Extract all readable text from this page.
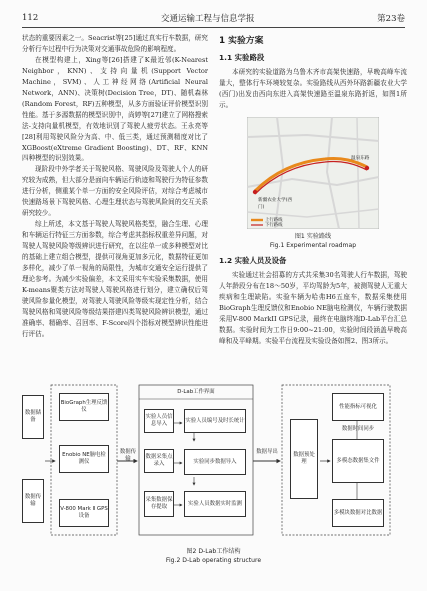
112	交通运输工程与信息学报	第23卷

状态的重要因素之一。Seacrist等[25]通过真实行车数据，研究分析行车过程中行为决策对交通事故危险的影响程度。

在模型构建上，Xing等[26]搭建了K最近邻(K-Nearest Neighbor，KNN)、支持向量机(Support Vector Machine，SVM)、人工神经网络(Artificial Neural Network，ANN)、决策树(Decision Tree，DT)、随机森林(Random Forest，RF)五种模型，从多方面验证评价模型识别性能。基于多源数据的模型识别中，尚婷等[27]建立了网格搜索法-支持向量机模型，有效地识别了驾驶人疲劳状态。王永亮等[28]利用驾驶风险分为高、中、低三类，通过预测精度对比了XGBoost(eXtreme Gradient Boosting)、DT、RF、KNN四种模型的识别效果。

现阶段中外学者关于驾驶风格、驾驶风险及驾驶人个人的研究较为成熟，但大部分是面向车辆运行轨迹和驾驶行为特征参数进行分析，侧重某个单一方面的安全风险评估，对综合考虑城市快速路场景下驾驶风格、心理生理状态与驾驶风险间的交互关系研究较少。

综上所述，本文基于驾驶人驾驶风格类型，融合生理、心理和车辆运行特征三方面参数，综合考虑其指标权重差异问题，对驾驶人驾驶风险等级辨识进行研究，在以往单一或多种模型对比的基础上建立组合模型，提供可视角更加多元化，数据特征更加多样化，减少了单一视角的局限性，为城市交通安全运行提供了理论参考。为减少实验偏差，本文采用实车实验采集数据，使用K-means聚类方法对驾驶人驾驶风格进行划分，建立确权后驾驶风险参量化模型，对驾驶人驾驶风险等级实现定性分析，结合驾驶风格和驾驶风险等级结果搭建四类驾驶风险辨识模型，通过准确率、精确率、召回率、F-Score四个指标对模型辨识性能进行评估。

1 实验方案
1.1 实验路段

本研究的实验道路为乌鲁木齐市高架快速路，早晚高峰车流量大，整体行车环境较复杂。实验路线从西外环路新疆农业大学(西门)出发由西向东进入高架快速路至温泉东路折返，如图1所示。

新疆农业大学(西门)
温泉东路
上行路线
下行路线
图1 实验路线
Fig.1 Experimental roadmap
1.2 实验人员及设备

实验通过社会招募的方式共采集30名驾驶人行车数据，驾驶人年龄段分布在18～50岁，平均驾龄为5年，被测驾驶人无重大疾病和生理缺陷。实验车辆为哈弗H6五座车，数据采集使用BioGraph生理反馈仪和Enobio NE脑电检测仪，车辆行驶数据采用V-800 MarkII GPS记录，最终在电脑终端D-Lab平台汇总数据。实验时间为工作日9:00~21:00，实验时间段涵盖早晚高峰和及平峰期。实验平台流程及实验设备如图2、图3所示。

数据储备
数据传输
BioGraph生理反馈仪
Enobio NE脑电检测仪
V-800 Mark Ⅱ GPS设备
数据传输
D-Lab工作界面
实验人员信息导入
数据采集点录入
实验人员编号及时长统计
实验同步数据导入
实验人员数据实时监测
采集数据保存提取
数据导出	数据预处理
性能指标可视化
多模态数据集文件
多模块数据对比数据
数据时间同步
图2 D-Lab工作结构
Fig.2 D-Lab operating structure
